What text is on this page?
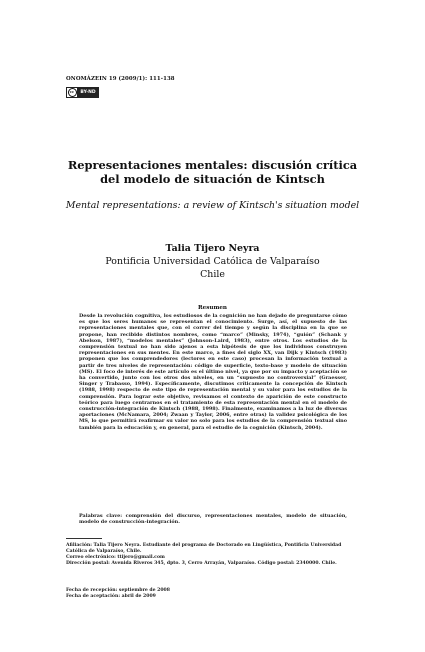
ONOMÁZEIN 19 (2009/1): 111-138
cc	BY-ND
Representaciones mentales: discusión crítica del modelo de situación de Kintsch
Mental representations: a review of Kintsch's situation model
Talia Tijero Neyra

Pontificia Universidad Católica de Valparaíso

Chile

Resumen
Desde la revolución cognitiva, los estudiosos de la cognición no han dejado de preguntarse cómo es que los seres humanos se representan el conocimiento. Surge, así, el supuesto de las representaciones mentales que, con el correr del tiempo y según la disciplina en la que se propone, han recibido distintos nombres, como “marco” (Minsky, 1974), “guión” (Schank y Abelson, 1987), “modelos mentales” (Johnson-Laird, 1983), entre otros. Los estudios de la comprensión textual no han sido ajenos a esta hipótesis de que los individuos construyen representaciones en sus mentes. En este marco, a fines del siglo XX, van Dijk y Kintsch (1983) proponen que los comprendedores (lectores en este caso) procesan la información textual a partir de tres niveles de representación: código de superficie, texto-base y modelo de situación (MS). El foco de interés de este artículo es el último nivel, ya que por su impacto y aceptación se ha convertido, junto con los otros dos niveles, en un “supuesto no controversial” (Graesser, Singer y Trabasso, 1994). Específicamente, discutimos críticamente la concepción de Kintsch (1988, 1998) respecto de este tipo de representación mental y su valor para los estudios de la comprensión. Para lograr este objetivo, revisamos el contexto de aparición de este constructo teórico para luego centrarnos en el tratamiento de esta representación mental en el modelo de construcción-integración de Kintsch (1988, 1998). Finalmente, examinamos a la luz de diversas aportaciones (McNamara, 2004; Zwaan y Taylor, 2006, entre otras) la validez psicológica de los MS, lo que permitirá reafirmar su valor no solo para los estudios de la comprensión textual sino también para la educación y, en general, para el estudio de la cognición (Kintsch, 2004).
Palabras clave: comprensión del discurso, representaciones mentales, modelo de situación, modelo de construcción-integración.

Afiliación: Talia Tijero Neyra. Estudiante del programa de Doctorado en Lingüística, Pontificia Universidad Católica de Valparaíso, Chile.

Correo electrónico: ttijero@gmail.com

Dirección postal: Avenida Riveros 345, dpto. 3, Cerro Arrayán, Valparaíso. Código postal: 2340000. Chile.

Fecha de recepción: septiembre de 2008

Fecha de aceptación: abril de 2009
